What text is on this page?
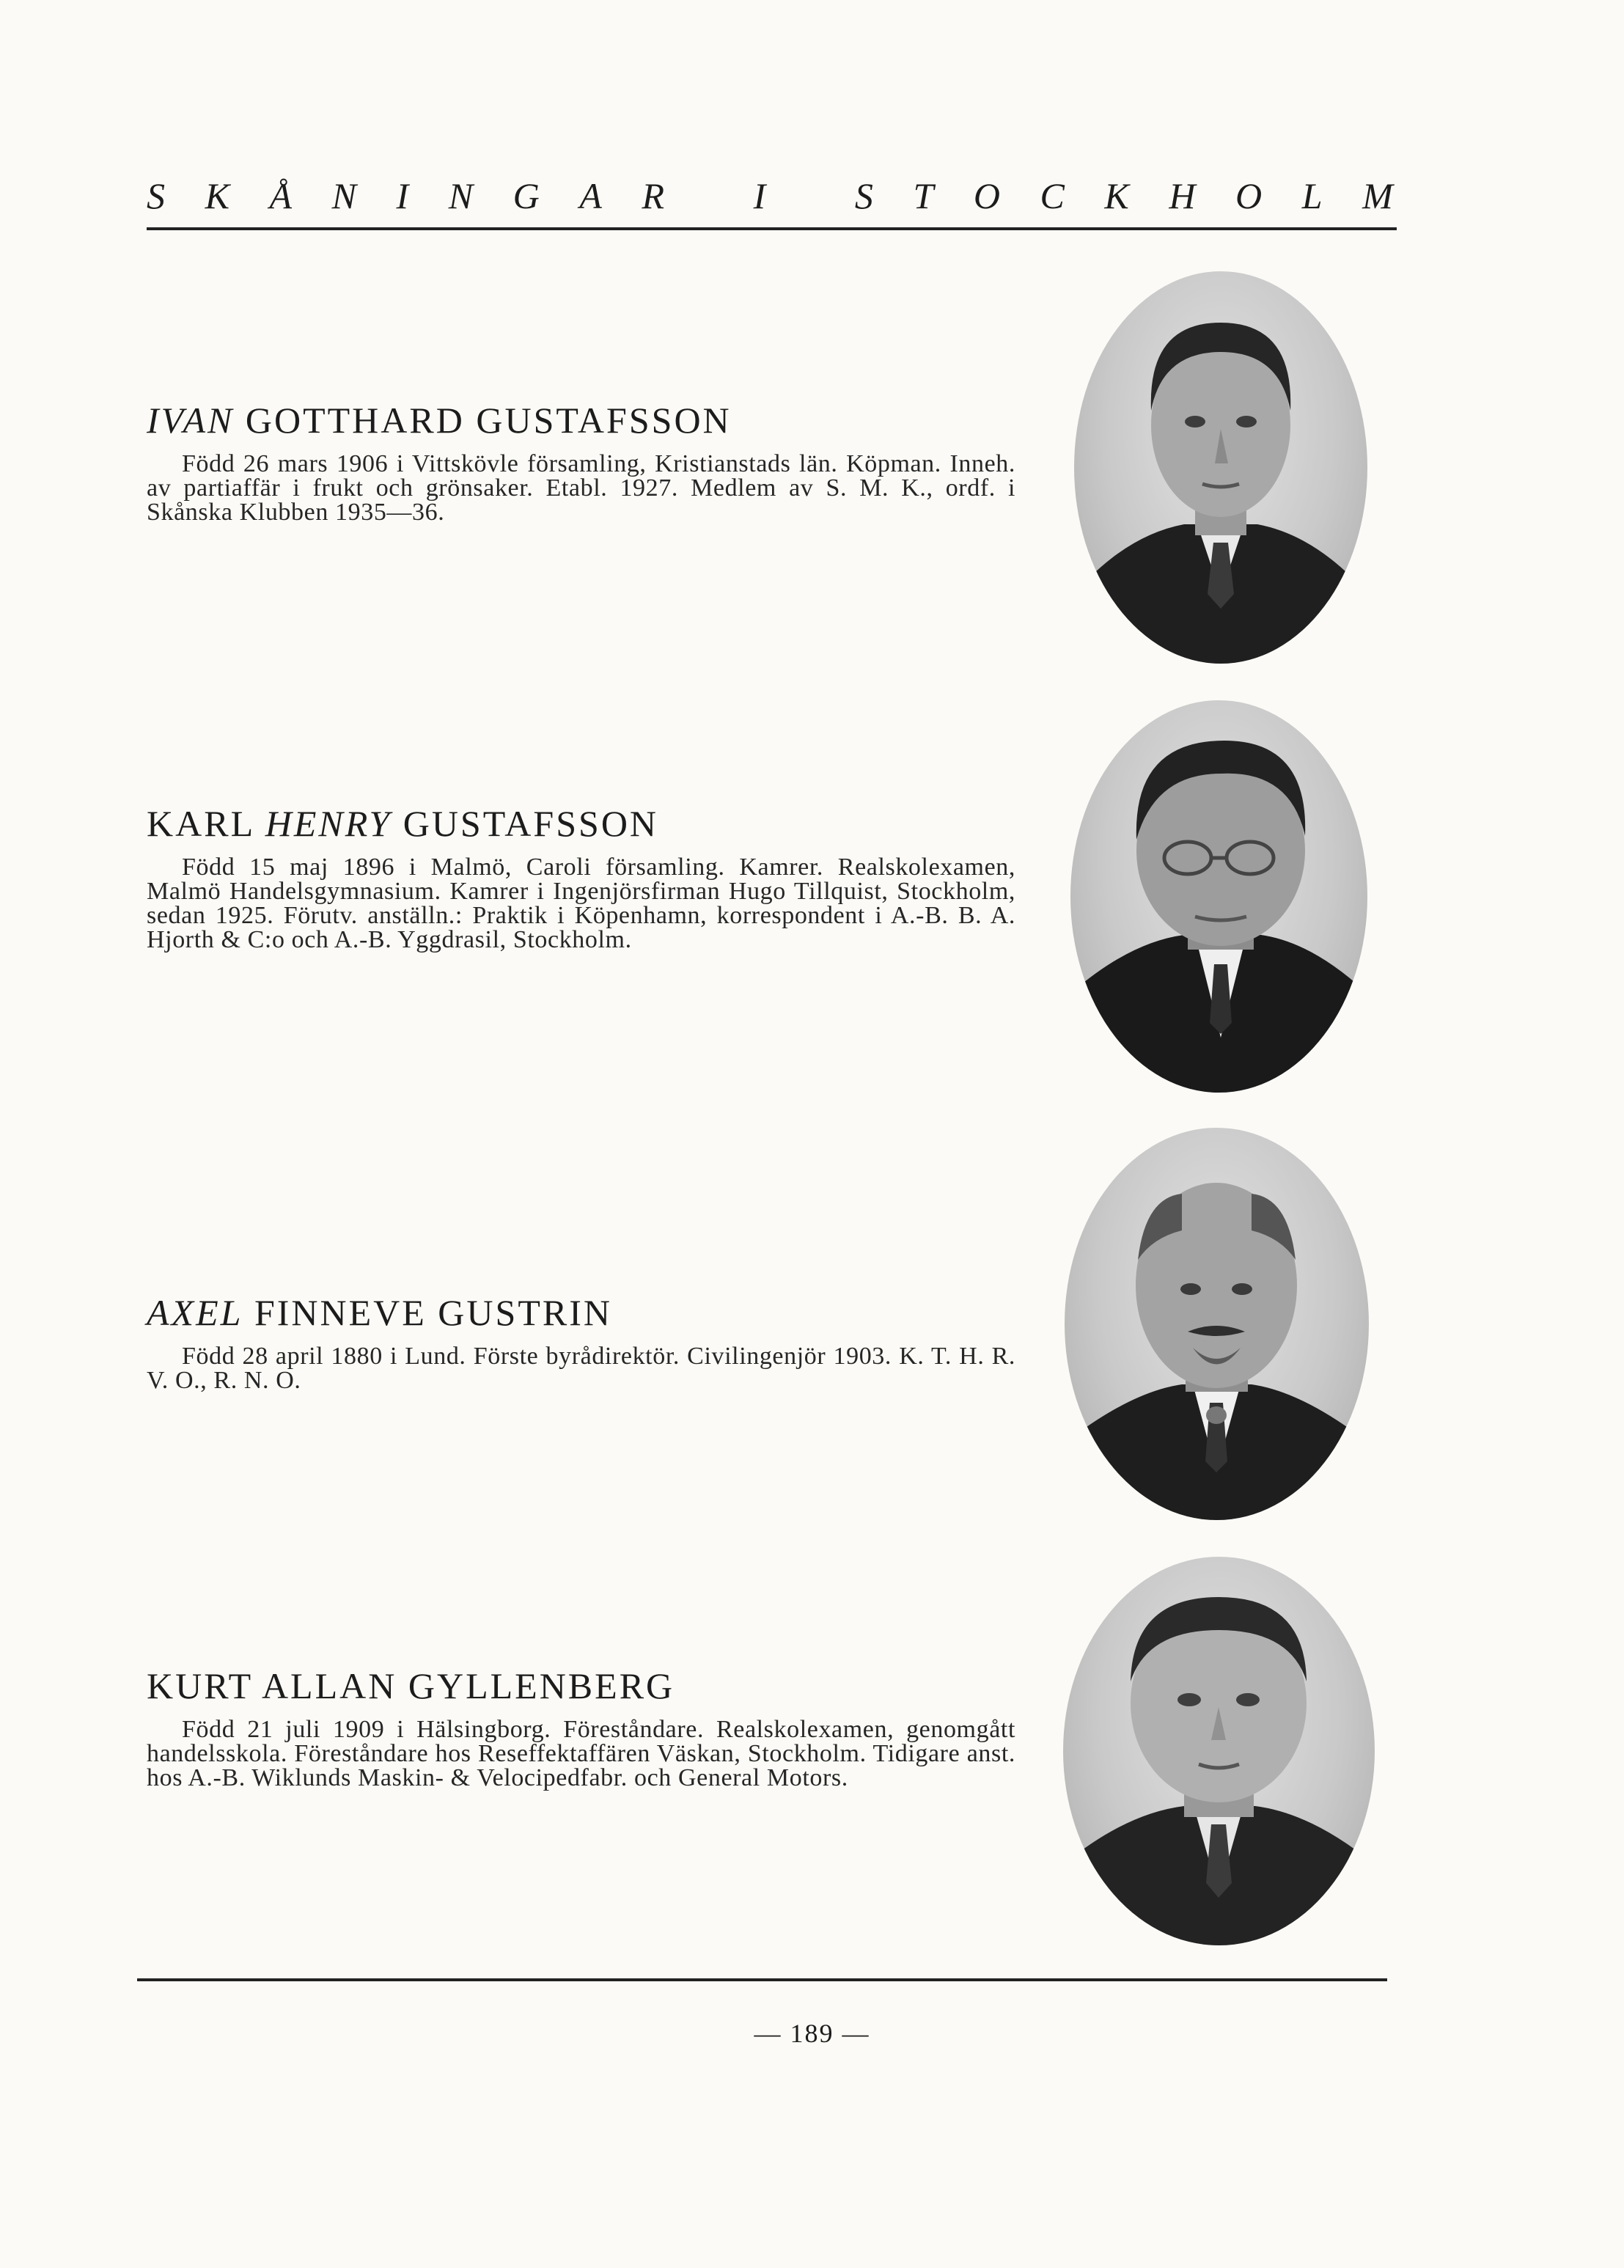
S K Å N I N G A R
I
S T O C K H O L M
IVAN GOTTHARD GUSTAFSSON
Född 26 mars 1906 i Vittskövle församling, Kristianstads län. Köpman. Inneh. av partiaffär i frukt och grönsaker. Etabl. 1927. Medlem av S. M. K., ordf. i Skånska Klubben 1935—36.
KARL HENRY GUSTAFSSON
Född 15 maj 1896 i Malmö, Caroli församling. Kamrer. Realskolexamen, Malmö Handelsgymnasium. Kamrer i Ingenjörsfirman Hugo Tillquist, Stockholm, sedan 1925. Förutv. anställn.: Praktik i Köpenhamn, korrespondent i A.-B. B. A. Hjorth & C:o och A.-B. Yggdrasil, Stockholm.
AXEL FINNEVE GUSTRIN
Född 28 april 1880 i Lund. Förste byrådirektör. Civilingenjör 1903. K. T. H. R. V. O., R. N. O.
KURT ALLAN GYLLENBERG
Född 21 juli 1909 i Hälsingborg. Föreståndare. Realskolexamen, genomgått handelsskola. Föreståndare hos Reseffektaffären Väskan, Stockholm. Tidigare anst. hos A.-B. Wiklunds Maskin- & Velocipedfabr. och General Motors.
— 189 —
